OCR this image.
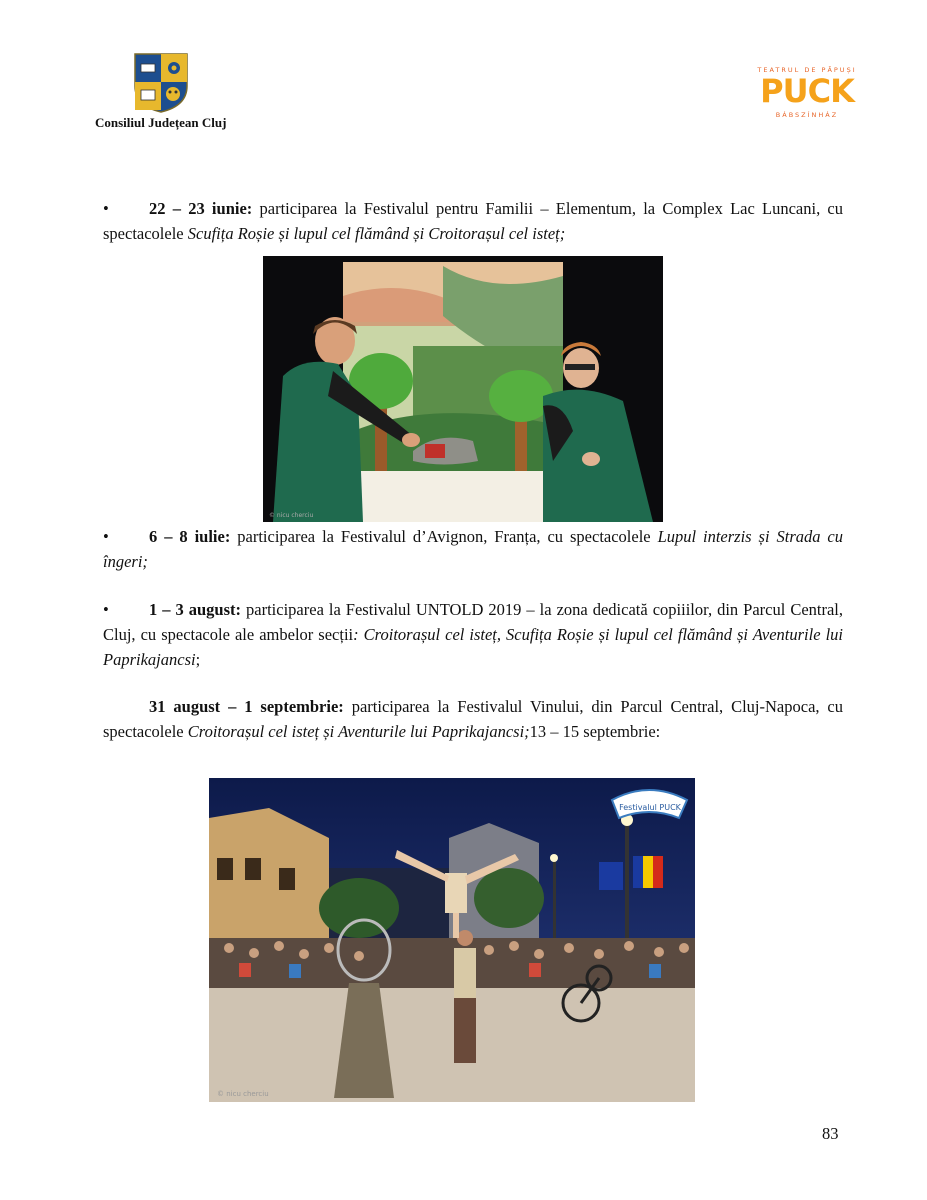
Consiliul Județean Cluj
TEATRUL DE PĂPUȘI
PUCK
BÁBSZÍNHÁZ

• 22 – 23 iunie: participarea la Festivalul pentru Familii – Elementum, la Complex Lac Luncani, cu spectacolele Scufița Roșie și lupul cel flămând și Croitorașul cel isteț;

© nicu cherciu

• 6 – 8 iulie: participarea la Festivalul d’Avignon, Franța, cu spectacolele Lupul interzis și Strada cu îngeri;

• 1 – 3 august: participarea la Festivalul UNTOLD 2019 – la zona dedicată copiiilor, din Parcul Central, Cluj, cu spectacole ale ambelor secții: Croitorașul cel isteț, Scufița Roșie și lupul cel flămând și Aventurile lui Paprikajancsi;

31 august – 1 septembrie: participarea la Festivalul Vinului, din Parcul Central, Cluj-Napoca, cu spectacolele Croitorașul cel isteț și Aventurile lui Paprikajancsi;13 – 15 septembrie:

Festivalul PUCK
© nicu cherciu
83
